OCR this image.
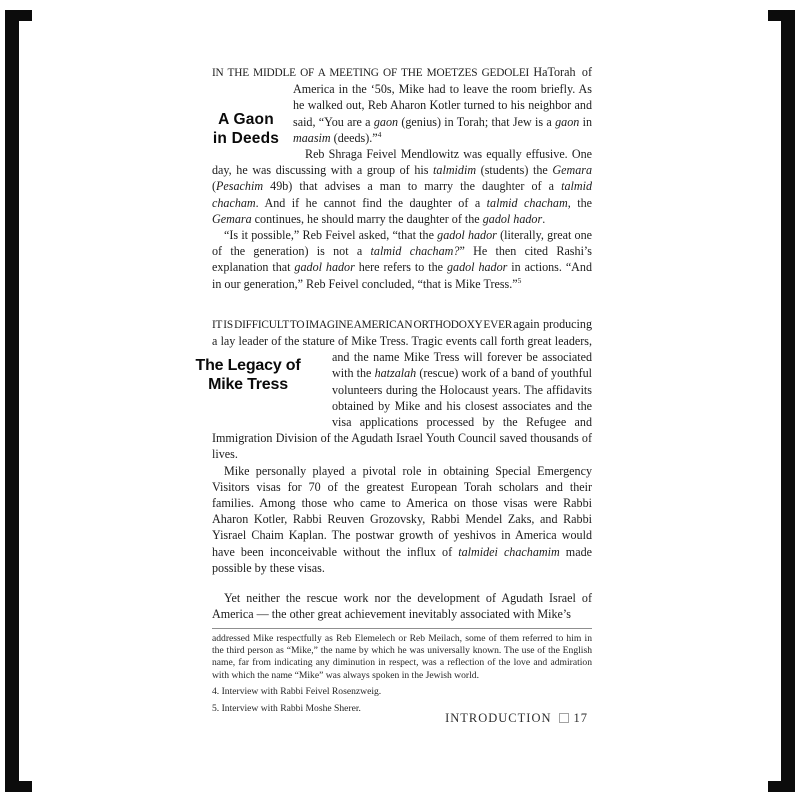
A Gaon
in Deeds
The Legacy of
Mike Tress

IN THE MIDDLE OF A MEETING OF THE MOETZES GEDOLEI HaTorah of America in the ‘50s, Mike had to leave the room briefly. As
he walked out, Reb Aharon Kotler turned to his neighbor and said, “You are a gaon (genius) in Torah; that Jew is a gaon in maasim (deeds).”$^4$

Reb Shraga Feivel Mendlowitz was equally effusive. One day, he was discussing with a group of his talmidim (students) the Gemara (Pesachim 49b) that advises a man to marry the daughter of a talmid chacham. And if he cannot find the daughter of a talmid chacham, the Gemara continues, he should marry the daughter of the gadol hador.

“Is it possible,” Reb Feivel asked, “that the gadol hador (literally, great one of the generation) is not a talmid chacham?” He then cited Rashi’s explanation that gadol hador here refers to the gadol hador in actions. “And in our generation,” Reb Feivel concluded, “that is Mike Tress.”$^5$

IT IS DIFFICULT TO IMAGINE AMERICAN ORTHODOXY EVER again producing a lay leader of the stature of Mike Tress. Tragic events
call forth great leaders, and the name Mike Tress will forever be associated with the hatzalah (rescue) work of a band of youthful volunteers during the Holocaust years. The affidavits obtained by Mike and his closest associates and the visa applications processed by the Refugee and Immigration Division of the Agudath Israel Youth Council saved thousands of lives.

Mike personally played a pivotal role in obtaining Special Emergency Visitors visas for 70 of the greatest European Torah scholars and their families. Among those who came to America on those visas were Rabbi Aharon Kotler, Rabbi Reuven Grozovsky, Rabbi Mendel Zaks, and Rabbi Yisrael Chaim Kaplan. The postwar growth of yeshivos in America would have been inconceivable without the influx of talmidei chachamim made possible by these visas.

Yet neither the rescue work nor the development of Agudath Israel of America — the other great achievement inevitably associated with Mike’s

addressed Mike respectfully as Reb Elemelech or Reb Meilach, some of them referred to him in the third person as “Mike,” the name by which he was universally known. The use of the English name, far from indicating any diminution in respect, was a reflection of the love and admiration with which the name “Mike” was always spoken in the Jewish world.

4. Interview with Rabbi Feivel Rosenzweig.

5. Interview with Rabbi Moshe Sherer.

INTRODUCTION 17
